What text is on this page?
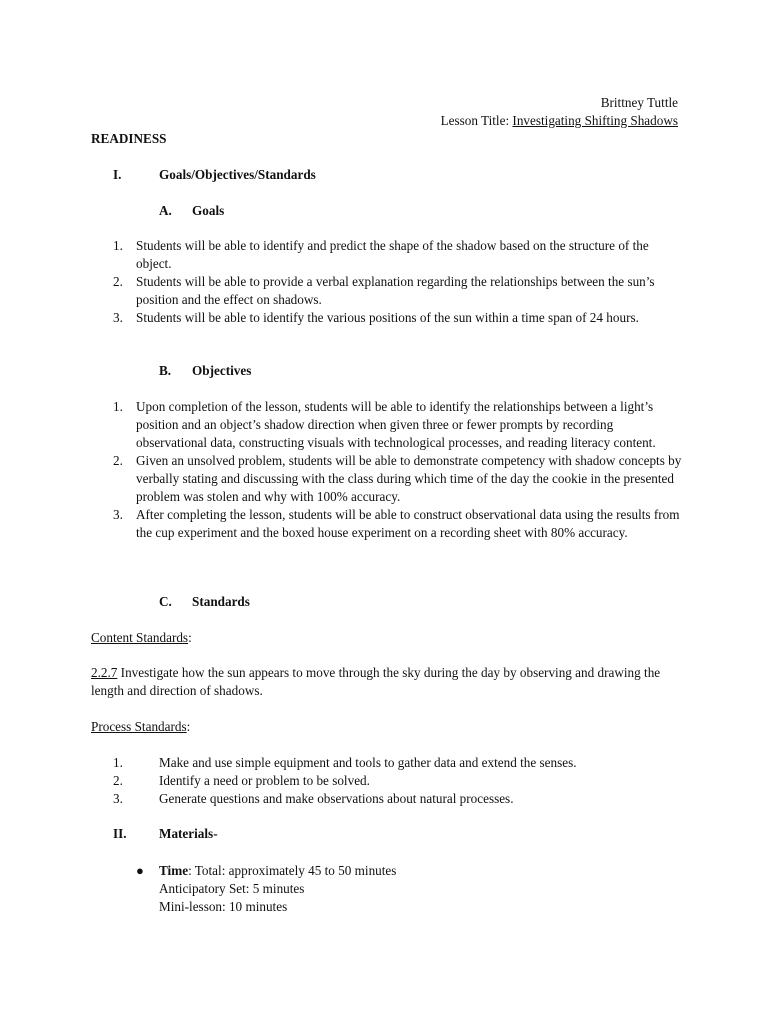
Brittney Tuttle
Lesson Title: Investigating Shifting Shadows
READINESS
I.	Goals/Objectives/Standards
A. Goals
1. Students will be able to identify and predict the shape of the shadow based on the structure of the object.
2. Students will be able to provide a verbal explanation regarding the relationships between the sun’s position and the effect on shadows.
3. Students will be able to identify the various positions of the sun within a time span of 24 hours.
B. Objectives
1. Upon completion of the lesson, students will be able to identify the relationships between a light’s position and an object’s shadow direction when given three or fewer prompts by recording observational data, constructing visuals with technological processes, and reading literacy content.
2. Given an unsolved problem, students will be able to demonstrate competency with shadow concepts by verbally stating and discussing with the class during which time of the day the cookie in the presented problem was stolen and why with 100% accuracy.
3. After completing the lesson, students will be able to construct observational data using the results from the cup experiment and the boxed house experiment on a recording sheet with 80% accuracy.
C. Standards
Content Standards:
2.2.7 Investigate how the sun appears to move through the sky during the day by observing and drawing the length and direction of shadows.
Process Standards:
1.	Make and use simple equipment and tools to gather data and extend the senses.
2.	Identify a need or problem to be solved.
3.	Generate questions and make observations about natural processes.
II. Materials-
● Time: Total: approximately 45 to 50 minutes
Anticipatory Set: 5 minutes
Mini-lesson: 10 minutes
